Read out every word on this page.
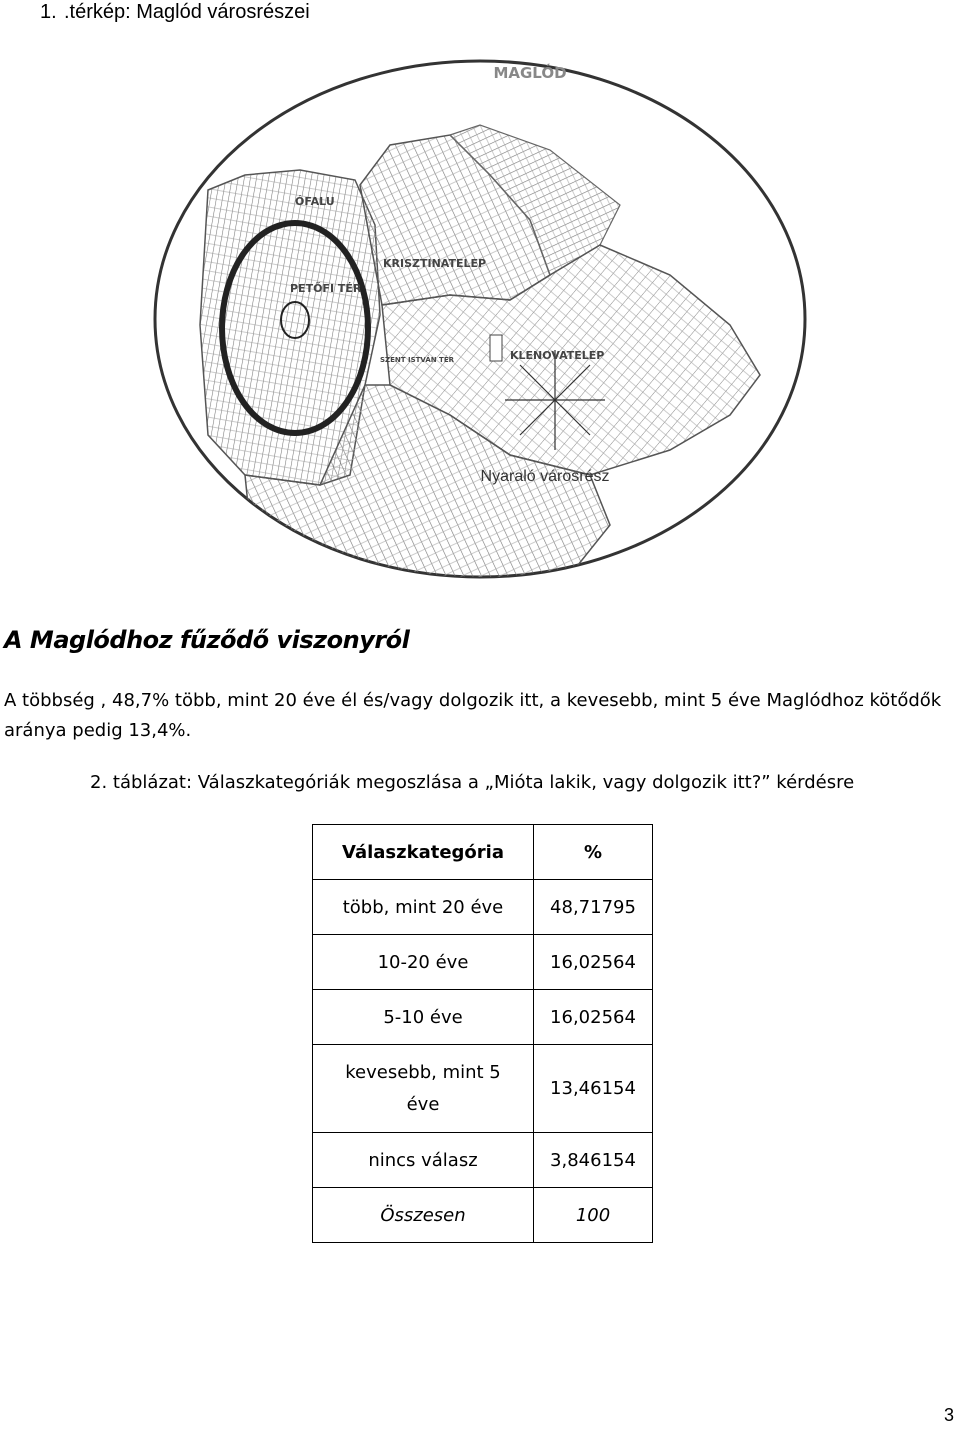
1. .térkép: Maglód városrészei
MAGLÓD
ÓFALU
KRISZTINATELEP
PETŐFI TÉR
SZENT ISTVÁN TÉR	KLENOVATELEP
Nyaraló városrész
A Maglódhoz fűződő viszonyról
A többség , 48,7% több, mint 20 éve él és/vagy dolgozik itt, a kevesebb, mint 5 éve Maglódhoz kötődők aránya pedig 13,4%.
2. táblázat: Válaszkategóriák megoszlása a „Mióta lakik, vagy dolgozik itt?” kérdésre
Válaszkategória	%
több, mint 20 éve	48,71795
10-20 éve	16,02564
5-10 éve	16,02564
kevesebb, mint 5 éve	13,46154
nincs válasz	3,846154
Összesen	100
3
